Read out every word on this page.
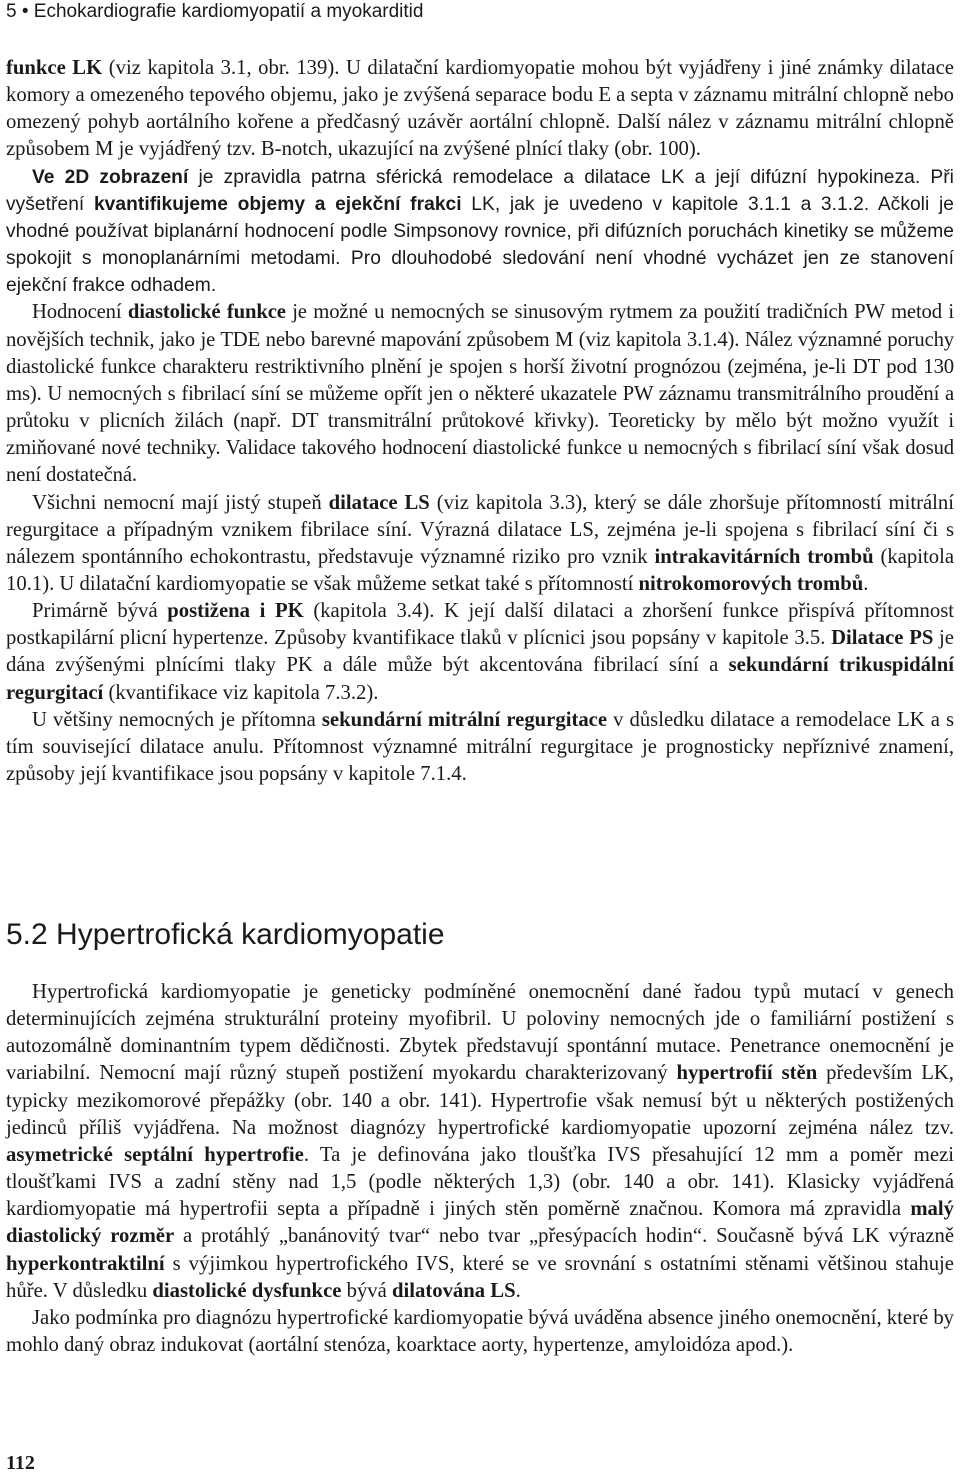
5 • Echokardiografie kardiomyopatií a myokarditid

funkce LK (viz kapitola 3.1, obr. 139). U dilatační kardiomyopatie mohou být vyjádřeny i jiné známky dilatace komory a omezeného tepového objemu, jako je zvýšená separace bodu E a septa v záznamu mitrální chlopně nebo omezený pohyb aortálního kořene a předčasný uzávěr aortální chlopně. Další nález v záznamu mitrální chlopně způsobem M je vyjádřený tzv. B-notch, ukazující na zvýšené plnící tlaky (obr. 100).

Ve 2D zobrazení je zpravidla patrna sférická remodelace a dilatace LK a její difúzní hypokineza. Při vyšetření kvantifikujeme objemy a ejekční frakci LK, jak je uvedeno v kapitole 3.1.1 a 3.1.2. Ačkoli je vhodné používat biplanární hodnocení podle Simpsonovy rovnice, při difúzních poruchách kinetiky se můžeme spokojit s monoplanárními metodami. Pro dlouhodobé sledování není vhodné vycházet jen ze stanovení ejekční frakce odhadem.

Hodnocení diastolické funkce je možné u nemocných se sinusovým rytmem za použití tradičních PW metod i novějších technik, jako je TDE nebo barevné mapování způsobem M (viz kapitola 3.1.4). Nález významné poruchy diastolické funkce charakteru restriktivního plnění je spojen s horší životní prognózou (zejména, je-li DT pod 130 ms). U nemocných s fibrilací síní se můžeme opřít jen o některé ukazatele PW záznamu transmitrálního proudění a průtoku v plicních žilách (např. DT transmitrální průtokové křivky). Teoreticky by mělo být možno využít i zmiňované nové techniky. Validace takového hodnocení diastolické funkce u nemocných s fibrilací síní však dosud není dostatečná.

Všichni nemocní mají jistý stupeň dilatace LS (viz kapitola 3.3), který se dále zhoršuje přítomností mitrální regurgitace a případným vznikem fibrilace síní. Výrazná dilatace LS, zejména je-li spojena s fibrilací síní či s nálezem spontánního echokontrastu, představuje významné riziko pro vznik intrakavitárních trombů (kapitola 10.1). U dilatační kardiomyopatie se však můžeme setkat také s přítomností nitrokomorových trombů.

Primárně bývá postižena i PK (kapitola 3.4). K její další dilataci a zhoršení funkce přispívá přítomnost postkapilární plicní hypertenze. Způsoby kvantifikace tlaků v plícnici jsou popsány v kapitole 3.5. Dilatace PS je dána zvýšenými plnícími tlaky PK a dále může být akcentována fibrilací síní a sekundární trikuspidální regurgitací (kvantifikace viz kapitola 7.3.2).

U většiny nemocných je přítomna sekundární mitrální regurgitace v důsledku dilatace a remodelace LK a s tím související dilatace anulu. Přítomnost významné mitrální regurgitace je prognosticky nepříznivé znamení, způsoby její kvantifikace jsou popsány v kapitole 7.1.4.

5.2 Hypertrofická kardiomyopatie

Hypertrofická kardiomyopatie je geneticky podmíněné onemocnění dané řadou typů mutací v genech determinujících zejména strukturální proteiny myofibril. U poloviny nemocných jde o familiární postižení s autozomálně dominantním typem dědičnosti. Zbytek představují spontánní mutace. Penetrance onemocnění je variabilní. Nemocní mají různý stupeň postižení myokardu charakterizovaný hypertrofií stěn především LK, typicky mezikomorové přepážky (obr. 140 a obr. 141). Hypertrofie však nemusí být u některých postižených jedinců příliš vyjádřena. Na možnost diagnózy hypertrofické kardiomyopatie upozorní zejména nález tzv. asymetrické septální hypertrofie. Ta je definována jako tloušťka IVS přesahující 12 mm a poměr mezi tloušťkami IVS a zadní stěny nad 1,5 (podle některých 1,3) (obr. 140 a obr. 141). Klasicky vyjádřená kardiomyopatie má hypertrofii septa a případně i jiných stěn poměrně značnou. Komora má zpravidla malý diastolický rozměr a protáhlý „banánovitý tvar“ nebo tvar „přesýpacích hodin“. Současně bývá LK výrazně hyperkontraktilní s výjimkou hypertrofického IVS, které se ve srovnání s ostatními stěnami většinou stahuje hůře. V důsledku diastolické dysfunkce bývá dilatována LS.

Jako podmínka pro diagnózu hypertrofické kardiomyopatie bývá uváděna absence jiného onemocnění, které by mohlo daný obraz indukovat (aortální stenóza, koarktace aorty, hypertenze, amyloidóza apod.).

112
